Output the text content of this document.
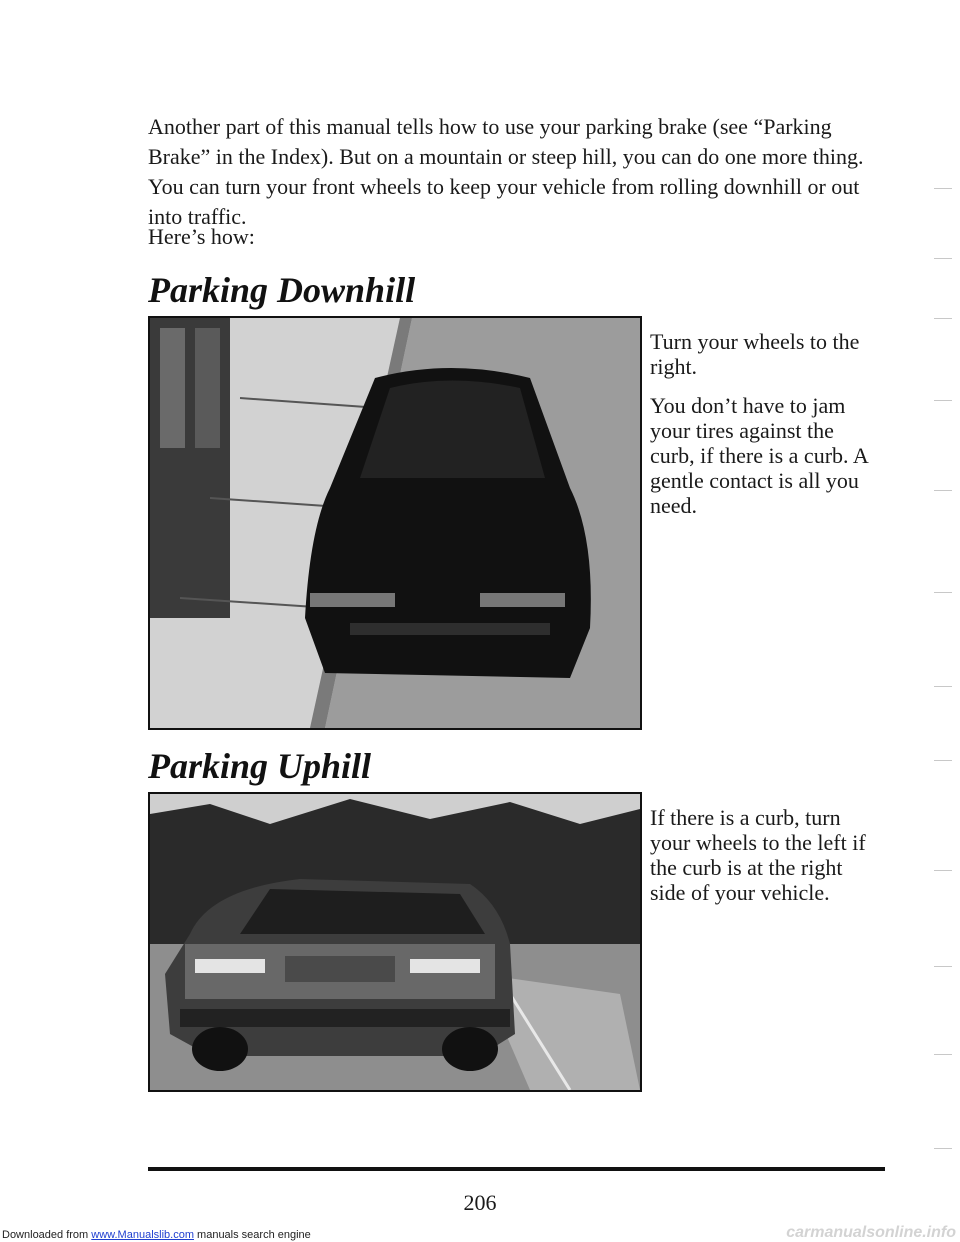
Another part of this manual tells how to use your parking brake (see “Parking Brake” in the Index). But on a mountain or steep hill, you can do one more thing. You can turn your front wheels to keep your vehicle from rolling downhill or out into traffic.

Here’s how:

Parking Downhill

Turn your wheels to the right.

You don’t have to jam your tires against the curb, if there is a curb. A gentle contact is all you need.

Parking Uphill

If there is a curb, turn your wheels to the left if the curb is at the right side of your vehicle.

206
Downloaded from www.Manualslib.com manuals search engine	carmanualsonline.info
